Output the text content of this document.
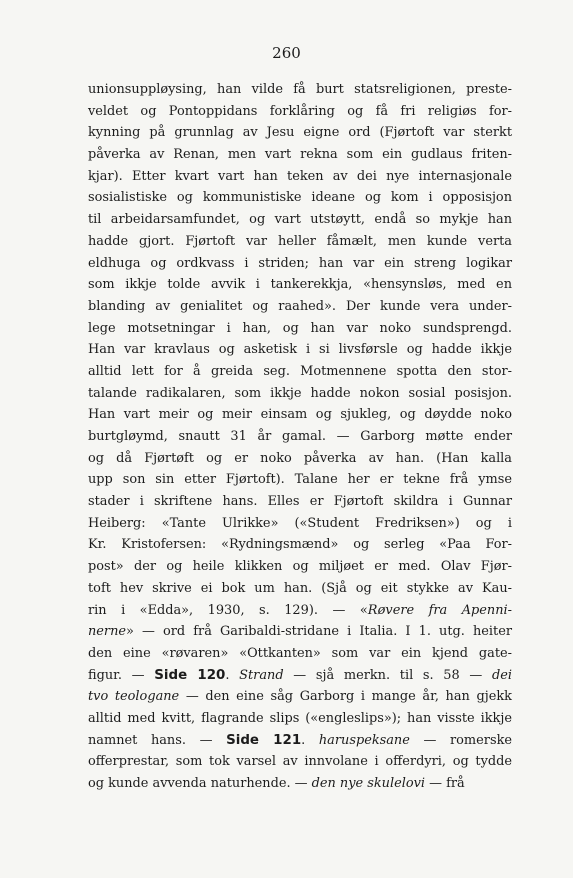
260
unionsuppløysing, han vilde få burt statsreligionen, preste-
veldet og Pontoppidans forklåring og få fri religiøs for-
kynning på grunnlag av Jesu eigne ord (Fjørtoft var sterkt
påverka av Renan, men vart rekna som ein gudlaus friten-
kjar). Etter kvart vart han teken av dei nye internasjonale
sosialistiske og kommunistiske ideane og kom i opposisjon
til arbeidarsamfundet, og vart utstøytt, endå so mykje han
hadde gjort. Fjørtoft var heller fåmælt, men kunde verta
eldhuga og ordkvass i striden; han var ein streng logikar
som ikkje tolde avvik i tankerekkja, «hensynsløs, med en
blanding av genialitet og raahed». Der kunde vera under-
lege motsetningar i han, og han var noko sundsprengd.
Han var kravlaus og asketisk i si livsførsle og hadde ikkje
alltid lett for å greida seg. Motmennene spotta den stor-
talande radikalaren, som ikkje hadde nokon sosial posisjon.
Han vart meir og meir einsam og sjukleg, og døydde noko
burtgløymd, snautt 31 år gamal. — Garborg møtte ender
og då Fjørtøft og er noko påverka av han. (Han kalla
upp son sin etter Fjørtoft). Talane her er tekne frå ymse
stader i skriftene hans. Elles er Fjørtoft skildra i Gunnar
Heiberg: «Tante Ulrikke» («Student Fredriksen») og i
Kr. Kristofersen: «Rydningsmænd» og serleg «Paa For-
post» der og heile klikken og miljøet er med. Olav Fjør-
toft hev skrive ei bok um han. (Sjå og eit stykke av Kau-
rin i «Edda», 1930, s. 129). — «Røvere fra Apenni-
nerne» — ord frå Garibaldi-stridane i Italia. I 1. utg. heiter
den eine «røvaren» «Ottkanten» som var ein kjend gate-
figur. — Side 120. Strand — sjå merkn. til s. 58 — dei
tvo teologane — den eine såg Garborg i mange år, han gjekk
alltid med kvitt, flagrande slips («engleslips»); han visste ikkje
namnet hans. — Side 121. haruspeksane — romerske
offerprestar, som tok varsel av innvolane i offerdyri, og tydde
og kunde avvenda naturhende. — den nye skulelovi — frå
